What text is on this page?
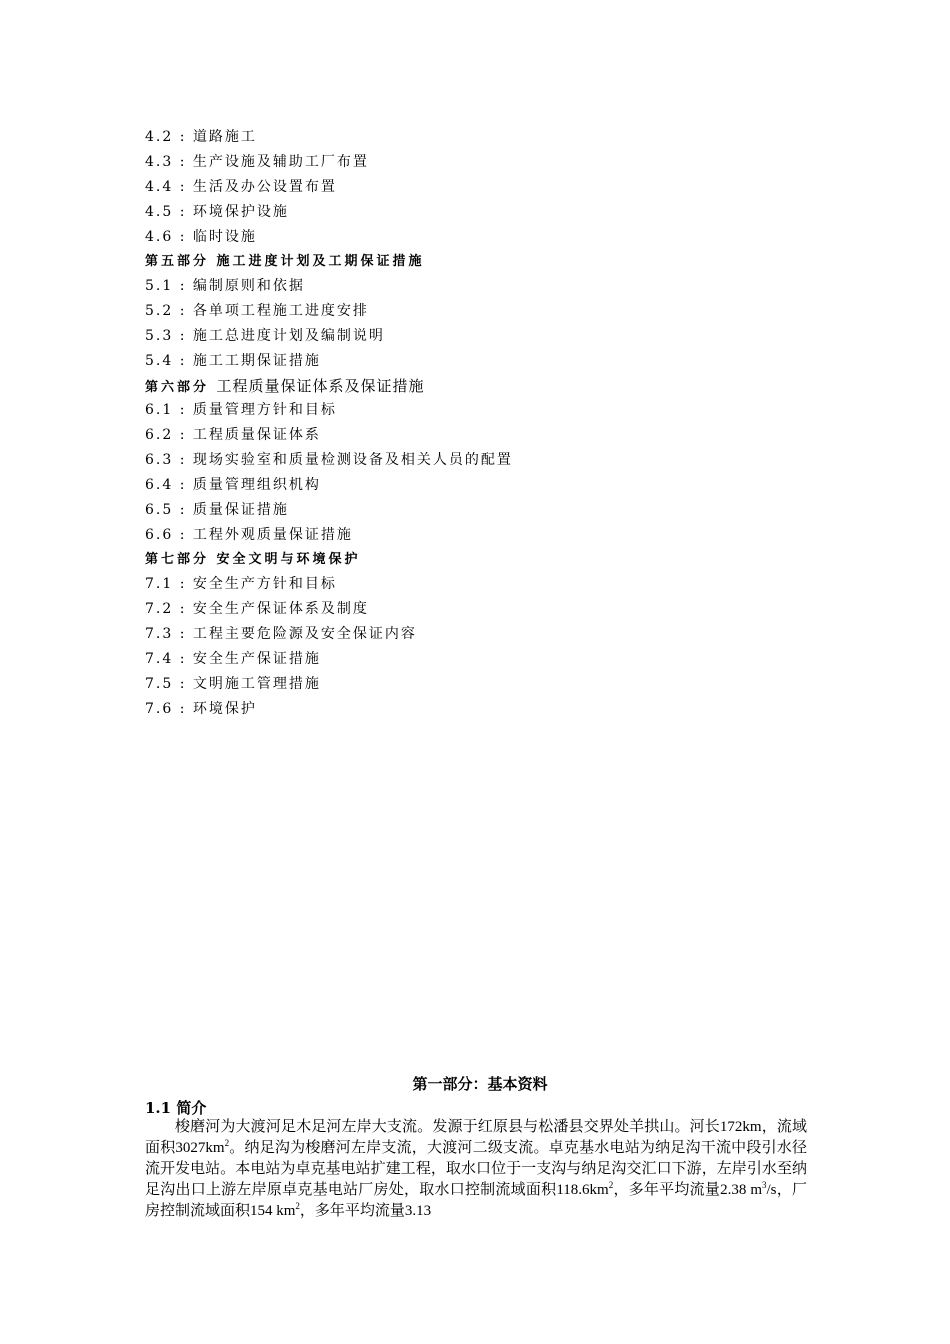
4.2 : 道路施工
4.3 : 生产设施及辅助工厂布置
4.4 : 生活及办公设置布置
4.5 : 环境保护设施
4.6 : 临时设施
第五部分 施工进度计划及工期保证措施
5.1 : 编制原则和依据
5.2 : 各单项工程施工进度安排
5.3 : 施工总进度计划及编制说明
5.4 : 施工工期保证措施
第六部分 工程质量保证体系及保证措施
6.1 : 质量管理方针和目标
6.2 : 工程质量保证体系
6.3 : 现场实验室和质量检测设备及相关人员的配置
6.4 : 质量管理组织机构
6.5 : 质量保证措施
6.6 : 工程外观质量保证措施
第七部分 安全文明与环境保护
7.1 : 安全生产方针和目标
7.2 : 安全生产保证体系及制度
7.3 : 工程主要危险源及安全保证内容
7.4 : 安全生产保证措施
7.5 : 文明施工管理措施
7.6 : 环境保护
第一部分：基本资料
1.1 简介
梭磨河为大渡河足木足河左岸大支流。发源于红原县与松潘县交界处羊拱山。河长172km，流域面积$3027km^2$。纳足沟为梭磨河左岸支流，大渡河二级支流。卓克基水电站为纳足沟干流中段引水径流开发电站。本电站为卓克基电站扩建工程，取水口位于一支沟与纳足沟交汇口下游，左岸引水至纳足沟出口上游左岸原卓克基电站厂房处，取水口控制流域面积$118.6km^2$，多年平均流量2.38 $m^3/s$，厂房控制流域面积154 $km^2$，多年平均流量3.13
